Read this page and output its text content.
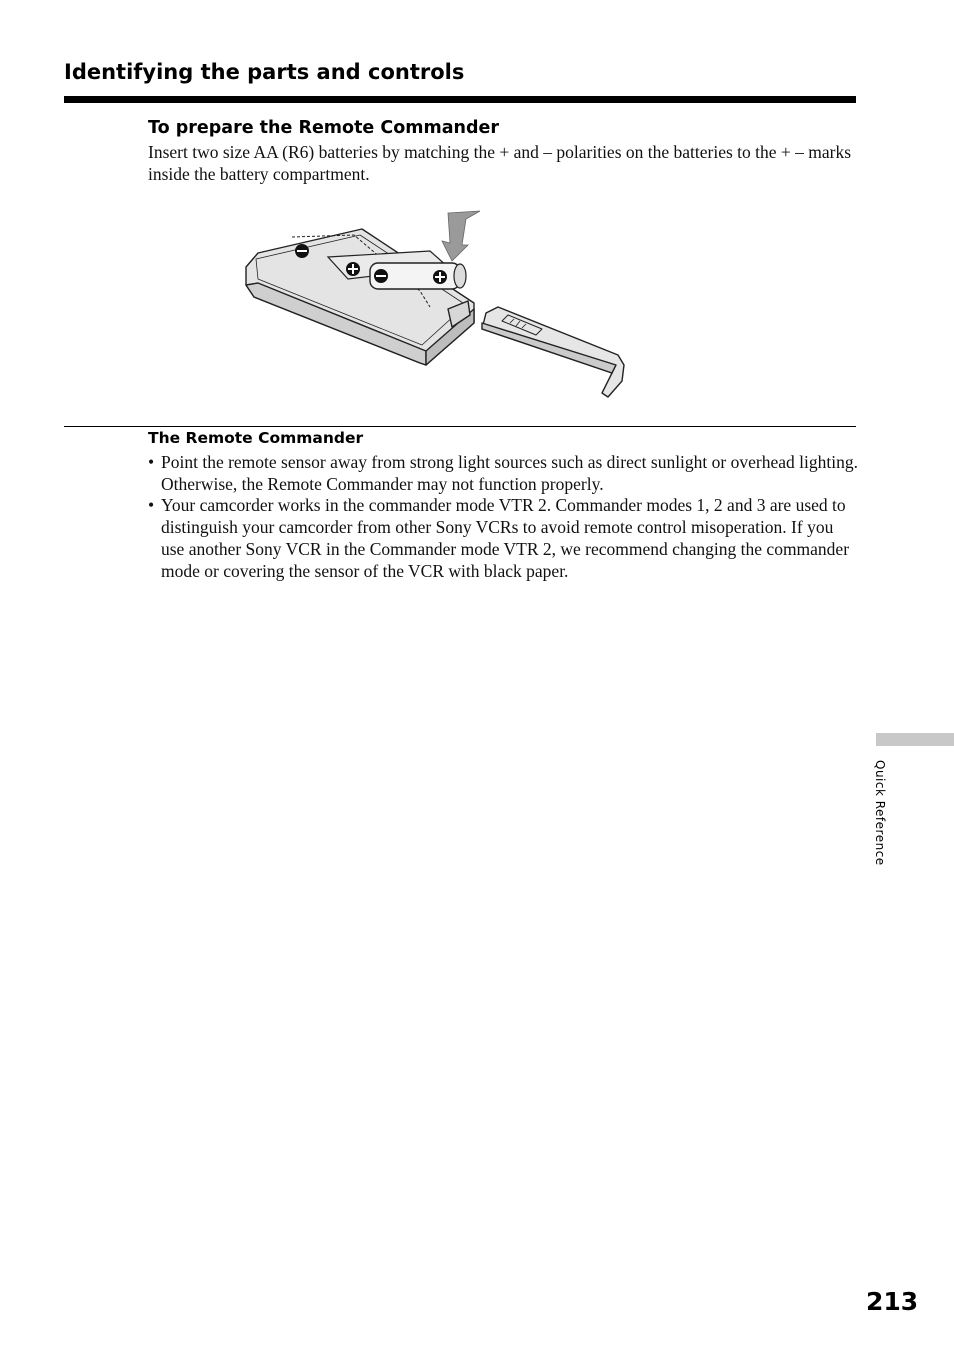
Identifying the parts and controls
To prepare the Remote Commander

Insert two size AA (R6) batteries by matching the + and – polarities on the batteries to the + – marks inside the battery compartment.

The Remote Commander
• Point the remote sensor away from strong light sources such as direct sunlight or overhead lighting. Otherwise, the Remote Commander may not function properly.
• Your camcorder works in the commander mode VTR 2. Commander modes 1, 2 and 3 are used to distinguish your camcorder from other Sony VCRs to avoid remote control misoperation. If you use another Sony VCR in the Commander mode VTR 2, we recommend changing the commander mode or covering the sensor of the VCR with black paper.
Quick Reference
213
